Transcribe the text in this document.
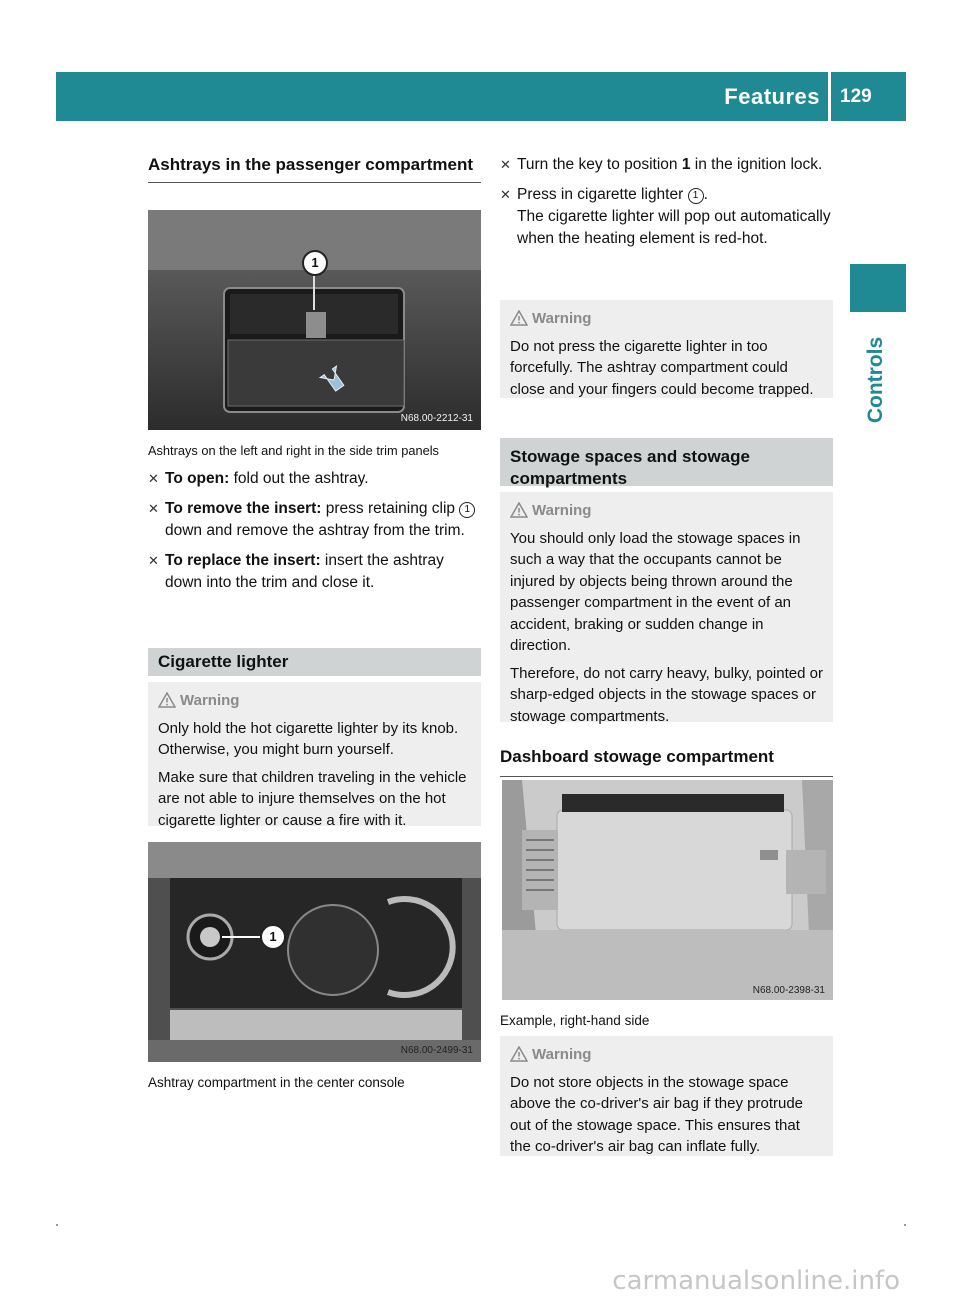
Features 129
Controls
Ashtrays in the passenger compartment
1
N68.00-2212-31
Ashtrays on the left and right in the side trim panels
✕ To open: fold out the ashtray.
✕ To remove the insert: press retaining clip 1 down and remove the ashtray from the trim.
✕ To replace the insert: insert the ashtray down into the trim and close it.
Cigarette lighter
Warning

Only hold the hot cigarette lighter by its knob. Otherwise, you might burn yourself.

Make sure that children traveling in the vehicle are not able to injure themselves on the hot cigarette lighter or cause a fire with it.

1
N68.00-2499-31
Ashtray compartment in the center console
✕ Turn the key to position 1 in the ignition lock.
✕ Press in cigarette lighter 1 .
The cigarette lighter will pop out automatically when the heating element is red-hot.
Warning

Do not press the cigarette lighter in too forcefully. The ashtray compartment could close and your fingers could become trapped.

Stowage spaces and stowage compartments
Warning

You should only load the stowage spaces in such a way that the occupants cannot be injured by objects being thrown around the passenger compartment in the event of an accident, braking or sudden change in direction.

Therefore, do not carry heavy, bulky, pointed or sharp-edged objects in the stowage spaces or stowage compartments.

Dashboard stowage compartment
N68.00-2398-31
Example, right-hand side
Warning

Do not store objects in the stowage space above the co-driver's air bag if they protrude out of the stowage space. This ensures that the co-driver's air bag can inflate fully.

carmanualsonline.info
